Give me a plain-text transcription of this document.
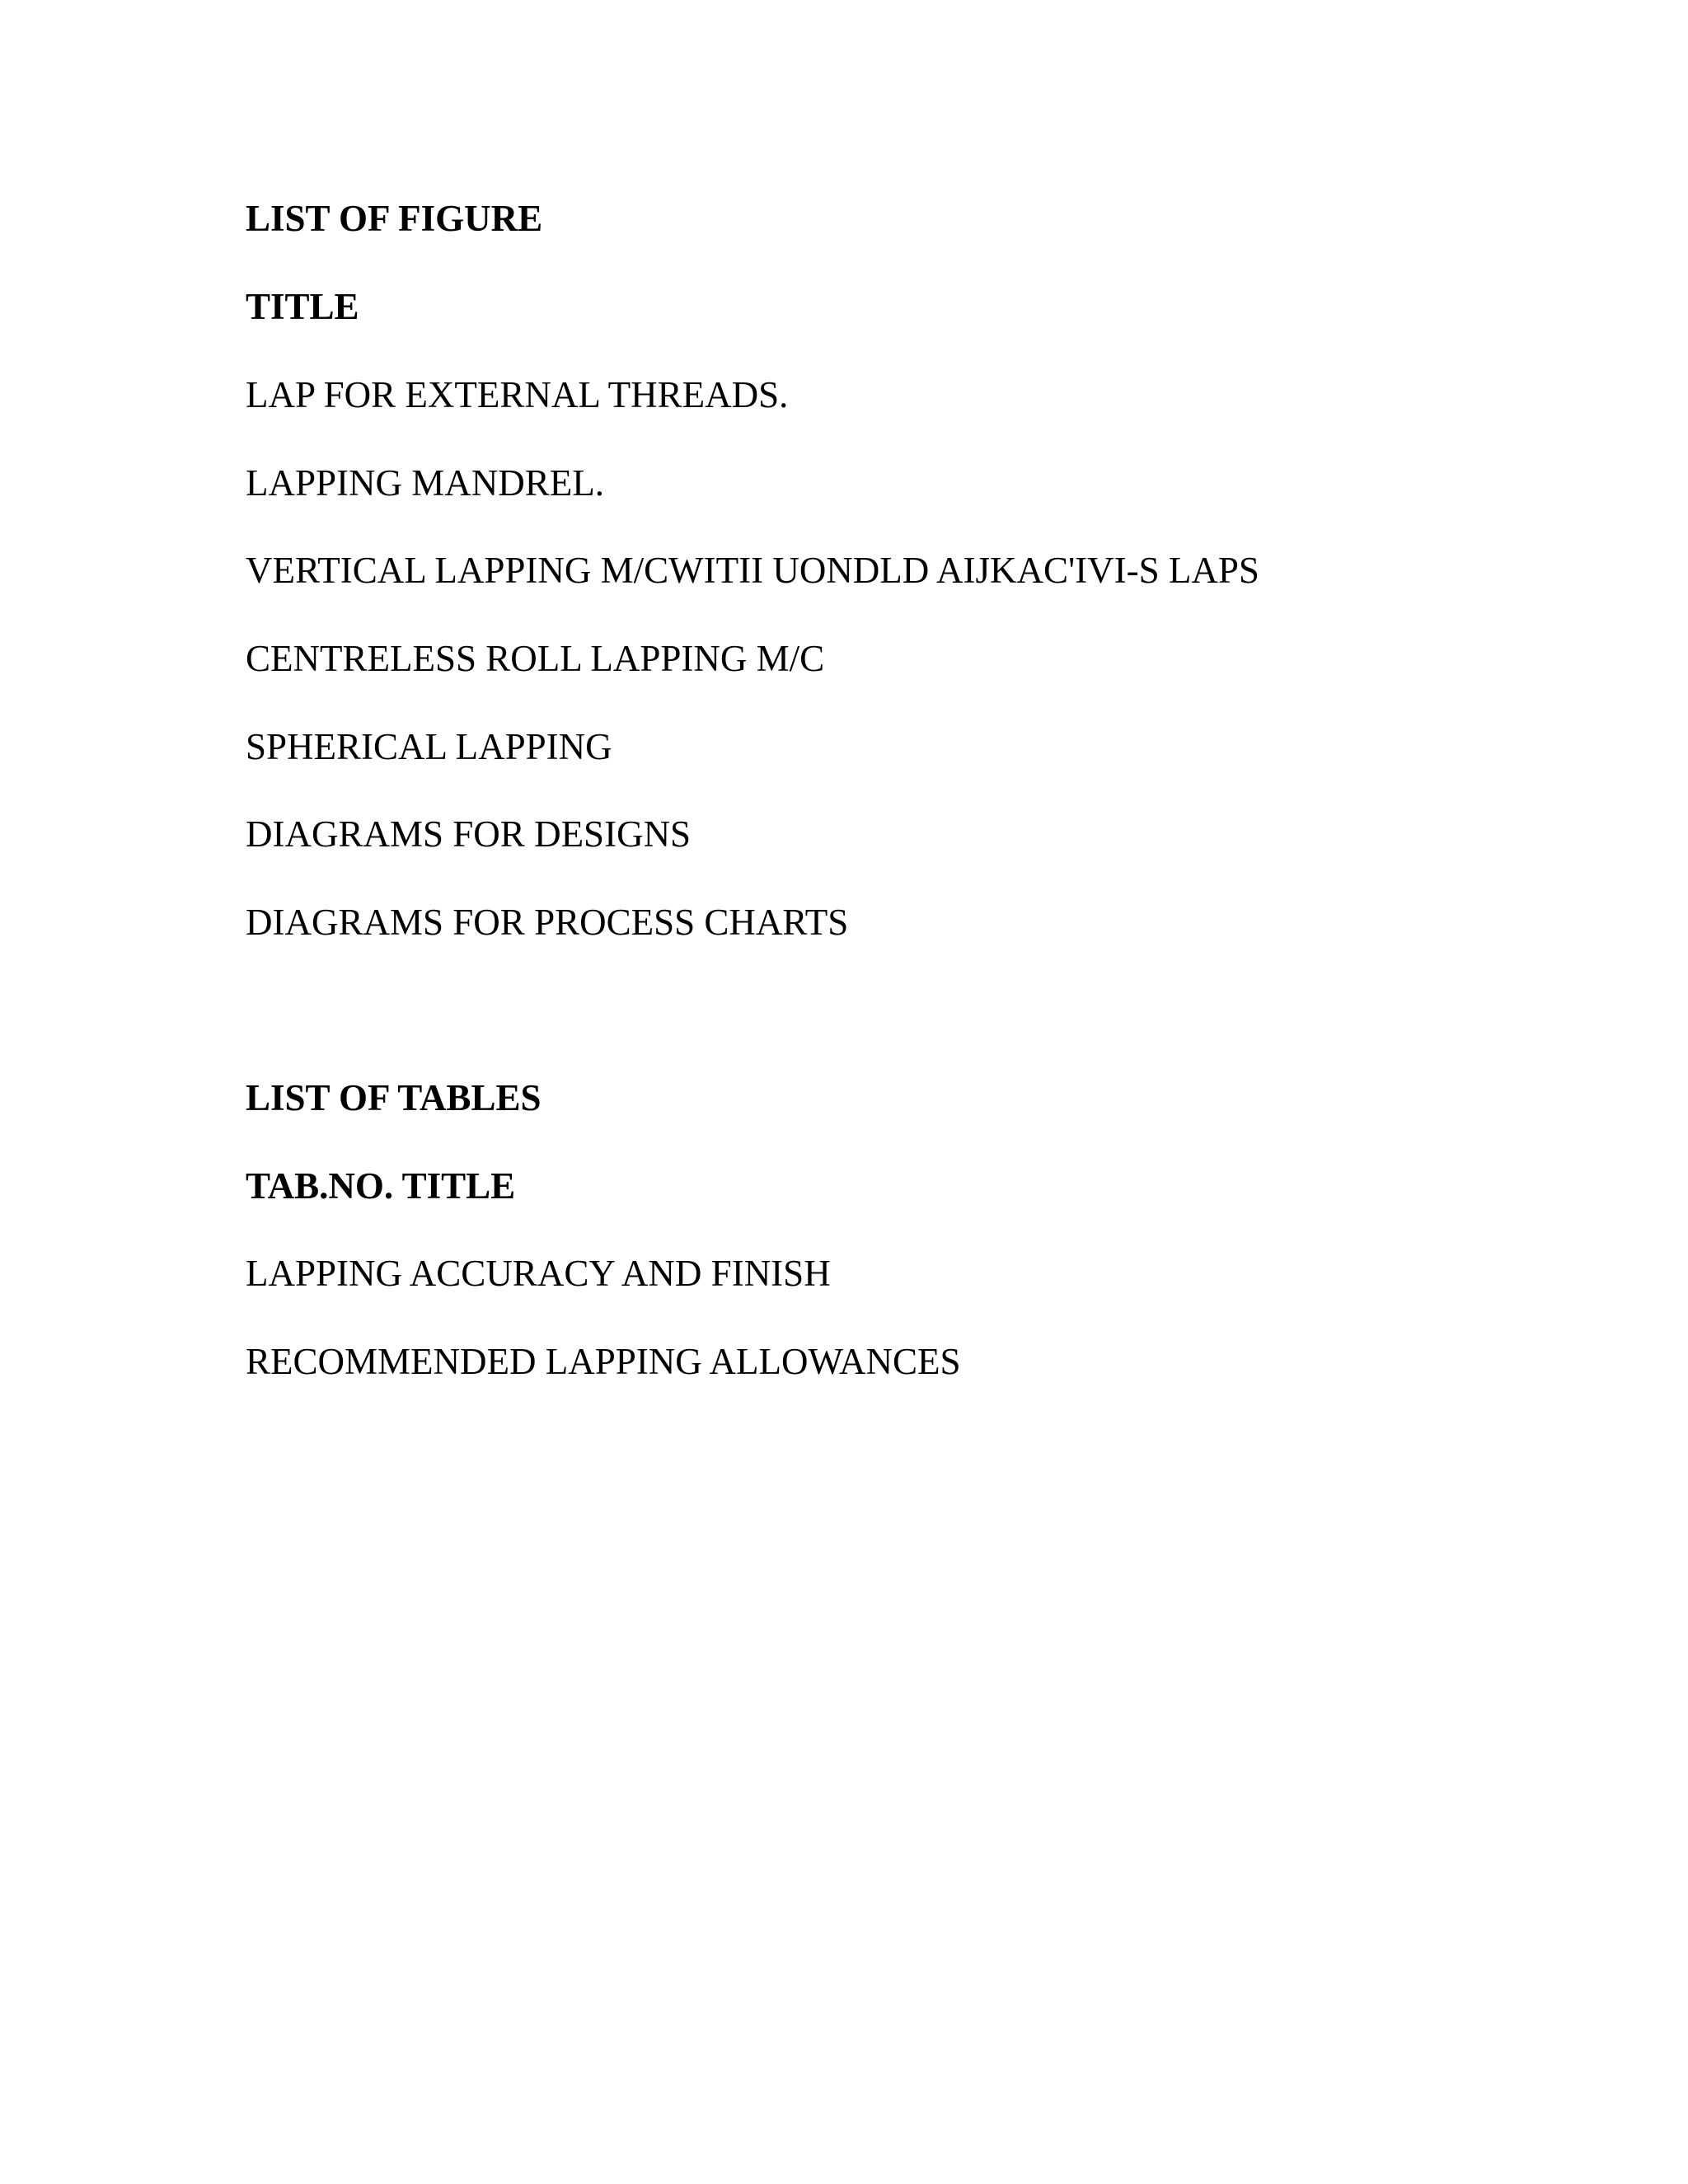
LIST OF FIGURE
TITLE

LAP FOR EXTERNAL THREADS.

LAPPING MANDREL.

VERTICAL LAPPING M/CWITII UONDLD AIJKAC'IVI-S LAPS

CENTRELESS ROLL LAPPING M/C

SPHERICAL LAPPING

DIAGRAMS FOR DESIGNS

DIAGRAMS FOR PROCESS CHARTS

LIST OF TABLES
TAB.NO. TITLE

LAPPING ACCURACY AND FINISH

RECOMMENDED LAPPING ALLOWANCES
